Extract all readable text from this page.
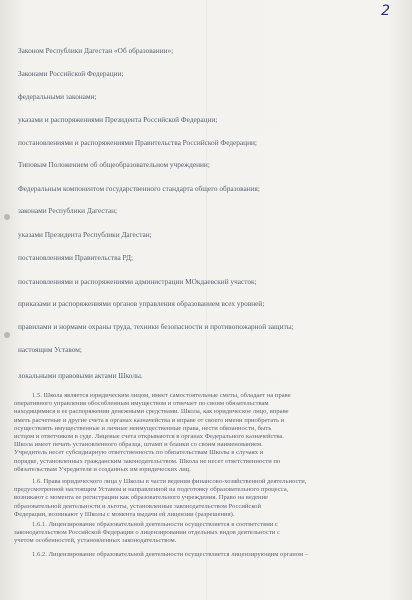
2
Законом Республики Дагестан «Об образовании»;
Законами Российской Федерации;
федеральными законами;
указами и распоряжениями Президента Российской Федерации;
постановлениями и распоряжениями Правительства Российской Федерации;
Типовым Положением об общеобразовательном учреждении;
Федеральным компонентом государственного стандарта общего образования;
законами Республики Дагестан;
указами Президента Республики Дагестан;
постановлениями Правительства РД;
постановлениями и распоряжениями администрации МОкдаевский участок;
приказами и распоряжениями органов управления образованием всех уровней;
правилами и нормами охраны труда, техники безопасности и противопожарной защиты;
настоящим Уставом;
локальными правовыми актами Школы.
1.5. Школа является юридическим лицом, имеет самостоятельные сметы, обладает на праве
оперативного управления обособленным имуществом и отвечает по своим обязательствам
находящимися в ее распоряжении денежными средствами. Школа, как юридическое лицо, вправе
иметь расчетные и другие счета в органах казначейства и вправе от своего имени приобретать и
осуществлять имущественные и личные неимущественные права, нести обязанности, быть
истцом и ответчиком в суде. Лицевые счета открываются в органах Федерального казначейства.
Школа имеет печать установленного образца, штамп и бланки со своим наименованием.
Учредитель несет субсидиарную ответственность по обязательствам Школы в случаях и
порядке, установленных гражданским законодательством. Школа не несет ответственности по
обязательствам Учредителя и созданных им юридических лиц.
1.6. Права юридического лица у Школы в части ведения финансово-хозяйственной деятельности,
предусмотренной настоящим Уставом и направленной на подготовку образовательного процесса,
возникают с момента ее регистрации как образовательного учреждения. Право на ведение
образовательной деятельности и льготы, установленные законодательством Российской
Федерации, возникают у Школы с момента выдачи ей лицензии (разрешения).
1.6.1. Лицензирование образовательной деятельности осуществляется в соответствии с
законодательством Российской Федерации о лицензировании отдельных видов деятельности с
учетом особенностей, установленных законодательством.
1.6.2. Лицензирование образовательной деятельности осуществляется лицензирующим органом –
